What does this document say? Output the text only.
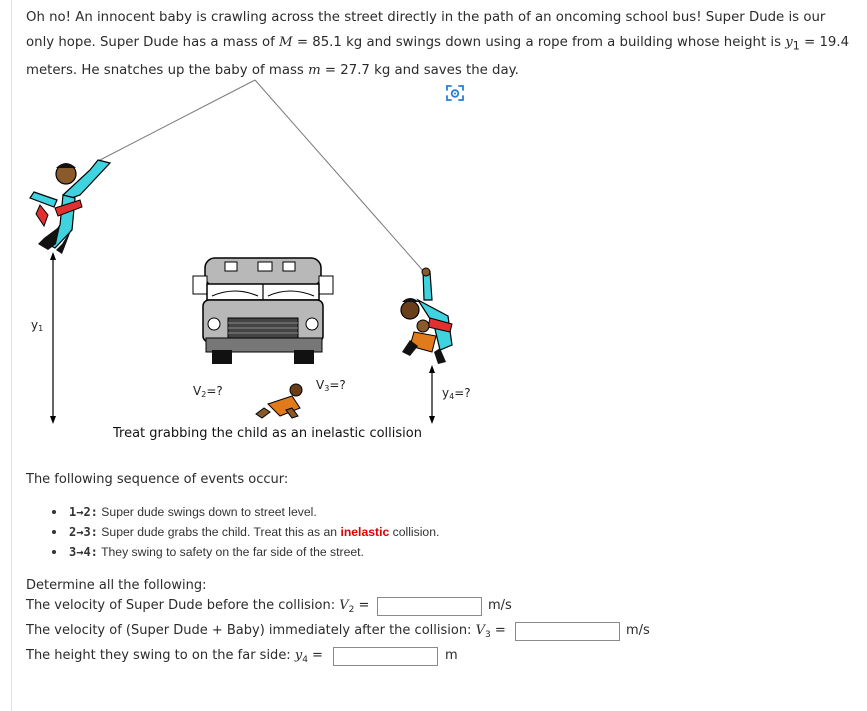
Oh no! An innocent baby is crawling across the street directly in the path of an oncoming school bus! Super Dude is our only hope. Super Dude has a mass of M = 85.1 kg and swings down using a rope from a building whose height is $y_1 = 19.4$ meters. He snatches up the baby of mass m = 27.7 kg and saves the day.
$y_1$
$V_2=$?	$V_3=$?
$y_4=$?
Treat grabbing the child as an inelastic collision
The following sequence of events occur:
1→2: Super dude swings down to street level.
2→3: Super dude grabs the child. Treat this as an inelastic collision.
3→4: They swing to safety on the far side of the street.
Determine all the following:
The velocity of Super Dude before the collision: $V_2$ =	m/s
The velocity of (Super Dude + Baby) immediately after the collision: $V_3$ =	m/s
The height they swing to on the far side: $y_4$ =	m
